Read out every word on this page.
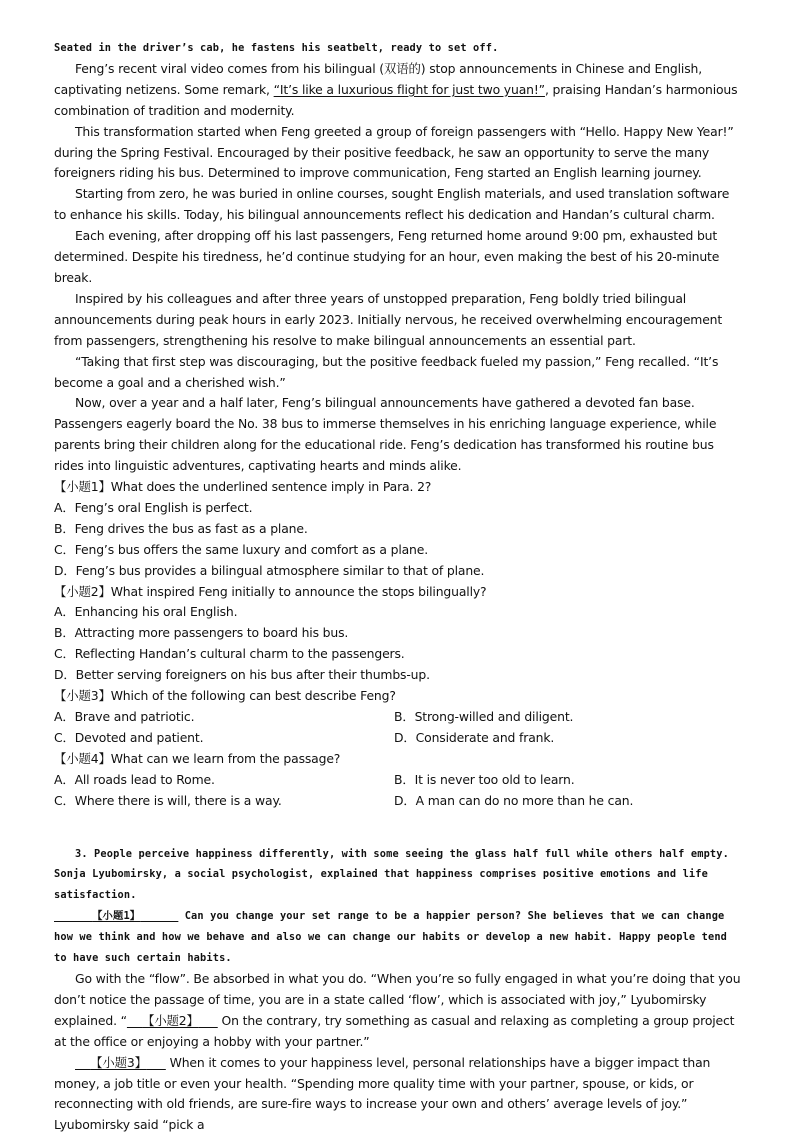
Seated in the driver’s cab, he fastens his seatbelt, ready to set off.

Feng’s recent viral video comes from his bilingual (双语的) stop announcements in Chinese and English, captivating netizens. Some remark, “It’s like a luxurious flight for just two yuan!”, praising Handan’s harmonious combination of tradition and modernity.

This transformation started when Feng greeted a group of foreign passengers with “Hello. Happy New Year!” during the Spring Festival. Encouraged by their positive feedback, he saw an opportunity to serve the many foreigners riding his bus. Determined to improve communication, Feng started an English learning journey.

Starting from zero, he was buried in online courses, sought English materials, and used translation software to enhance his skills. Today, his bilingual announcements reflect his dedication and Handan’s cultural charm.

Each evening, after dropping off his last passengers, Feng returned home around 9:00 pm, exhausted but determined. Despite his tiredness, he’d continue studying for an hour, even making the best of his 20-minute break.

Inspired by his colleagues and after three years of unstopped preparation, Feng boldly tried bilingual announcements during peak hours in early 2023. Initially nervous, he received overwhelming encouragement from passengers, strengthening his resolve to make bilingual announcements an essential part.

“Taking that first step was discouraging, but the positive feedback fueled my passion,” Feng recalled. “It’s become a goal and a cherished wish.”

Now, over a year and a half later, Feng’s bilingual announcements have gathered a devoted fan base. Passengers eagerly board the No. 38 bus to immerse themselves in his enriching language experience, while parents bring their children along for the educational ride. Feng’s dedication has transformed his routine bus rides into linguistic adventures, captivating hearts and minds alike.

【小题1】What does the underlined sentence imply in Para. 2?

A．Feng’s oral English is perfect.

B．Feng drives the bus as fast as a plane.

C．Feng’s bus offers the same luxury and comfort as a plane.

D．Feng’s bus provides a bilingual atmosphere similar to that of plane.

【小题2】What inspired Feng initially to announce the stops bilingually?

A．Enhancing his oral English.

B．Attracting more passengers to board his bus.

C．Reflecting Handan’s cultural charm to the passengers.

D．Better serving foreigners on his bus after their thumbs-up.

【小题3】Which of the following can best describe Feng?

A．Brave and patriotic.	B．Strong-willed and diligent.
C．Devoted and patient.	D．Considerate and frank.

【小题4】What can we learn from the passage?

A．All roads lead to Rome.	B．It is never too old to learn.
C．Where there is will, there is a way.	D．A man can do no more than he can.

3. People perceive happiness differently, with some seeing the glass half full while others half empty. Sonja Lyubomirsky, a social psychologist, explained that happiness comprises positive emotions and life satisfaction.

【小题1】	Can you change your set range to be a happier person? She believes that we can change how we think and how we behave and also we can change our habits or develop a new habit. Happy people tend to have such certain habits.

Go with the “flow”. Be absorbed in what you do. “When you’re so fully engaged in what you’re doing that you don’t notice the passage of time, you are in a state called ‘flow’, which is associated with joy,” Lyubomirsky explained. “ 【小题2】      On the contrary, try something as casual and relaxing as completing a group project at the office or enjoying a hobby with your partner.”

【小题3】      When it comes to your happiness level, personal relationships have a bigger impact than money, a job title or even your health. “Spending more quality time with your partner, spouse, or kids, or reconnecting with old friends, are sure-fire ways to increase your own and others’ average levels of joy.” Lyubomirsky said “pick a
